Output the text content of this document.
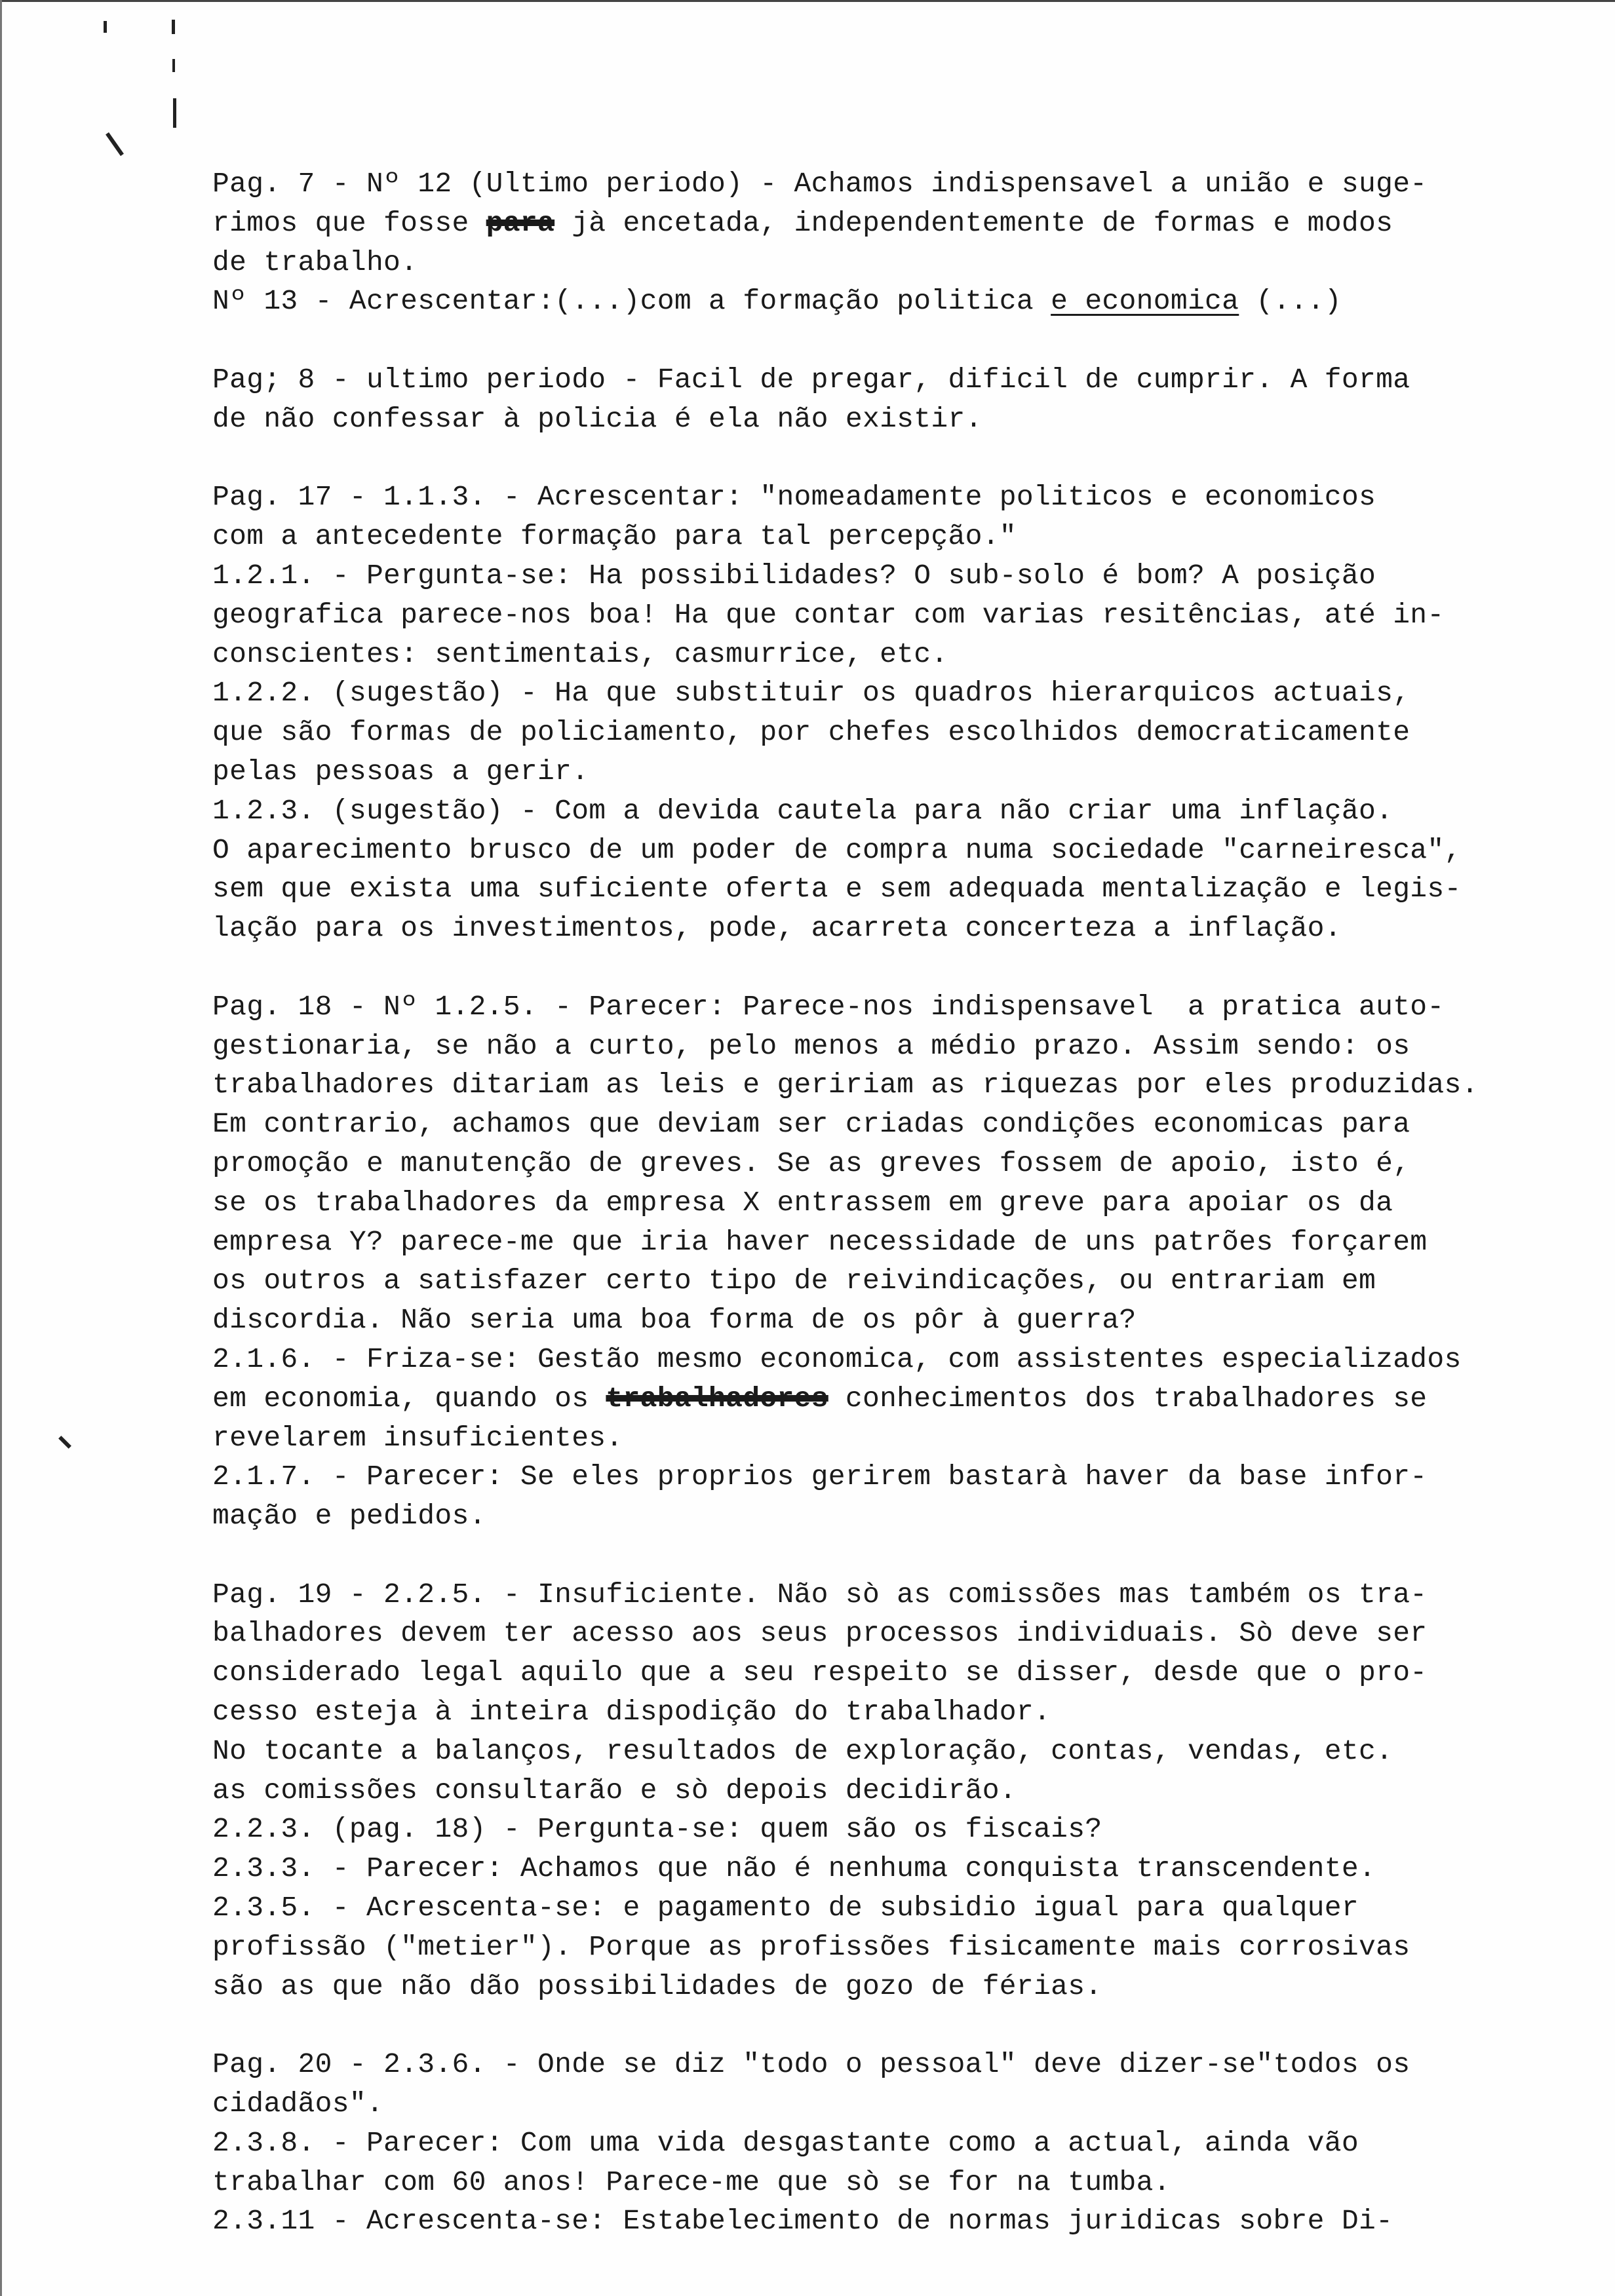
Pag. 7 - Nº 12 (Ultimo periodo) - Achamos indispensavel a união e suge-
rimos que fosse para jà encetada, independentemente de formas e modos
de trabalho.
Nº 13 - Acrescentar:(...)com a formação politica e economica (...)
Pag; 8 - ultimo periodo - Facil de pregar, dificil de cumprir. A forma
de não confessar à policia é ela não existir.
Pag. 17 - 1.1.3. - Acrescentar: "nomeadamente politicos e economicos
com a antecedente formação para tal percepção."
1.2.1. - Pergunta-se: Ha possibilidades? O sub-solo é bom? A posição
geografica parece-nos boa! Ha que contar com varias resitências, até in-
conscientes: sentimentais, casmurrice, etc.
1.2.2. (sugestão) - Ha que substituir os quadros hierarquicos actuais,
que são formas de policiamento, por chefes escolhidos democraticamente
pelas pessoas a gerir.
1.2.3. (sugestão) - Com a devida cautela para não criar uma inflação.
O aparecimento brusco de um poder de compra numa sociedade "carneiresca",
sem que exista uma suficiente oferta e sem adequada mentalização e legis-
lação para os investimentos, pode, acarreta concerteza a inflação.
Pag. 18 - Nº 1.2.5. - Parecer: Parece-nos indispensavel  a pratica auto-
gestionaria, se não a curto, pelo menos a médio prazo. Assim sendo: os
trabalhadores ditariam as leis e geririam as riquezas por eles produzidas.
Em contrario, achamos que deviam ser criadas condições economicas para
promoção e manutenção de greves. Se as greves fossem de apoio, isto é,
se os trabalhadores da empresa X entrassem em greve para apoiar os da
empresa Y? parece-me que iria haver necessidade de uns patrões forçarem
os outros a satisfazer certo tipo de reivindicações, ou entrariam em
discordia. Não seria uma boa forma de os pôr à guerra?
2.1.6. - Friza-se: Gestão mesmo economica, com assistentes especializados
em economia, quando os trabalhadores conhecimentos dos trabalhadores se
revelarem insuficientes.
2.1.7. - Parecer: Se eles proprios gerirem bastarà haver da base infor-
mação e pedidos.
Pag. 19 - 2.2.5. - Insuficiente. Não sò as comissões mas também os tra-
balhadores devem ter acesso aos seus processos individuais. Sò deve ser
considerado legal aquilo que a seu respeito se disser, desde que o pro-
cesso esteja à inteira dispodição do trabalhador.
No tocante a balanços, resultados de exploração, contas, vendas, etc.
as comissões consultarão e sò depois decidirão.
2.2.3. (pag. 18) - Pergunta-se: quem são os fiscais?
2.3.3. - Parecer: Achamos que não é nenhuma conquista transcendente.
2.3.5. - Acrescenta-se: e pagamento de subsidio igual para qualquer
profissão ("metier"). Porque as profissões fisicamente mais corrosivas
são as que não dão possibilidades de gozo de férias.
Pag. 20 - 2.3.6. - Onde se diz "todo o pessoal" deve dizer-se"todos os
cidadãos".
2.3.8. - Parecer: Com uma vida desgastante como a actual, ainda vão
trabalhar com 60 anos! Parece-me que sò se for na tumba.
2.3.11 - Acrescenta-se: Estabelecimento de normas juridicas sobre Di-
